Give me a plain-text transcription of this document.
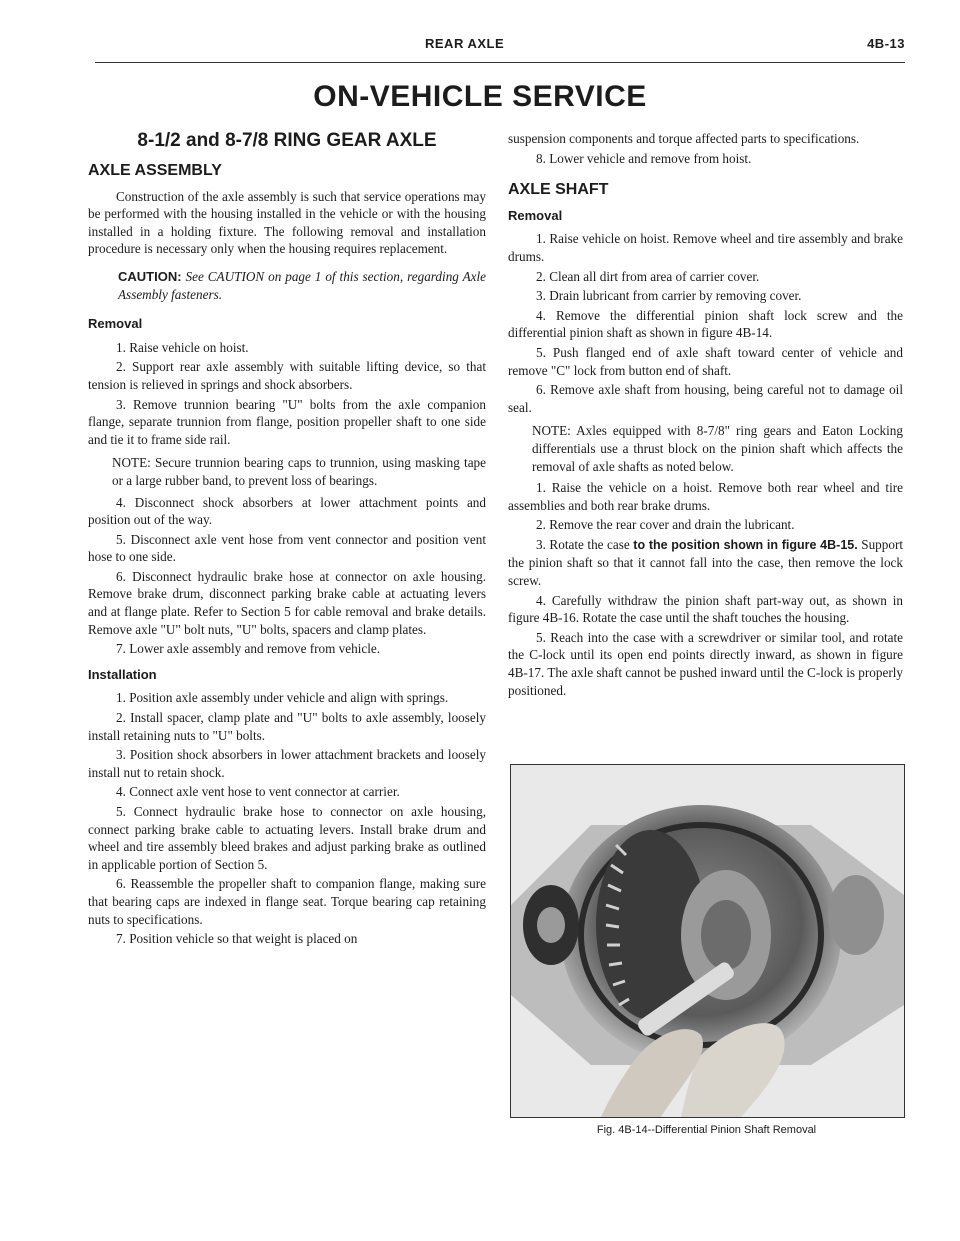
REAR AXLE	4B-13
ON-VEHICLE SERVICE
8-1/2 and 8-7/8 RING GEAR AXLE
AXLE ASSEMBLY

Construction of the axle assembly is such that service operations may be performed with the housing installed in the vehicle or with the housing installed in a holding fixture. The following removal and installation procedure is necessary only when the housing requires replacement.

CAUTION: See CAUTION on page 1 of this section, regarding Axle Assembly fasteners.
Removal

1. Raise vehicle on hoist.

2. Support rear axle assembly with suitable lifting device, so that tension is relieved in springs and shock absorbers.

3. Remove trunnion bearing "U" bolts from the axle companion flange, separate trunnion from flange, position propeller shaft to one side and tie it to frame side rail.

NOTE: Secure trunnion bearing caps to trunnion, using masking tape or a large rubber band, to prevent loss of bearings.

4. Disconnect shock absorbers at lower attachment points and position out of the way.

5. Disconnect axle vent hose from vent connector and position vent hose to one side.

6. Disconnect hydraulic brake hose at connector on axle housing. Remove brake drum, disconnect parking brake cable at actuating levers and at flange plate. Refer to Section 5 for cable removal and brake details. Remove axle "U" bolt nuts, "U" bolts, spacers and clamp plates.

7. Lower axle assembly and remove from vehicle.

Installation

1. Position axle assembly under vehicle and align with springs.

2. Install spacer, clamp plate and "U" bolts to axle assembly, loosely install retaining nuts to "U" bolts.

3. Position shock absorbers in lower attachment brackets and loosely install nut to retain shock.

4. Connect axle vent hose to vent connector at carrier.

5. Connect hydraulic brake hose to connector on axle housing, connect parking brake cable to actuating levers. Install brake drum and wheel and tire assembly bleed brakes and adjust parking brake as outlined in applicable portion of Section 5.

6. Reassemble the propeller shaft to companion flange, making sure that bearing caps are indexed in flange seat. Torque bearing cap retaining nuts to specifications.

7. Position vehicle so that weight is placed on

suspension components and torque affected parts to specifications.

8. Lower vehicle and remove from hoist.

AXLE SHAFT
Removal

1. Raise vehicle on hoist. Remove wheel and tire assembly and brake drums.

2. Clean all dirt from area of carrier cover.

3. Drain lubricant from carrier by removing cover.

4. Remove the differential pinion shaft lock screw and the differential pinion shaft as shown in figure 4B-14.

5. Push flanged end of axle shaft toward center of vehicle and remove "C" lock from button end of shaft.

6. Remove axle shaft from housing, being careful not to damage oil seal.

NOTE: Axles equipped with 8-7/8" ring gears and Eaton Locking differentials use a thrust block on the pinion shaft which affects the removal of axle shafts as noted below.

1. Raise the vehicle on a hoist. Remove both rear wheel and tire assemblies and both rear brake drums.

2. Remove the rear cover and drain the lubricant.

3. Rotate the case to the position shown in figure 4B-15. Support the pinion shaft so that it cannot fall into the case, then remove the lock screw.

4. Carefully withdraw the pinion shaft part-way out, as shown in figure 4B-16. Rotate the case until the shaft touches the housing.

5. Reach into the case with a screwdriver or similar tool, and rotate the C-lock until its open end points directly inward, as shown in figure 4B-17. The axle shaft cannot be pushed inward until the C-lock is properly positioned.

Fig. 4B-14--Differential Pinion Shaft Removal
